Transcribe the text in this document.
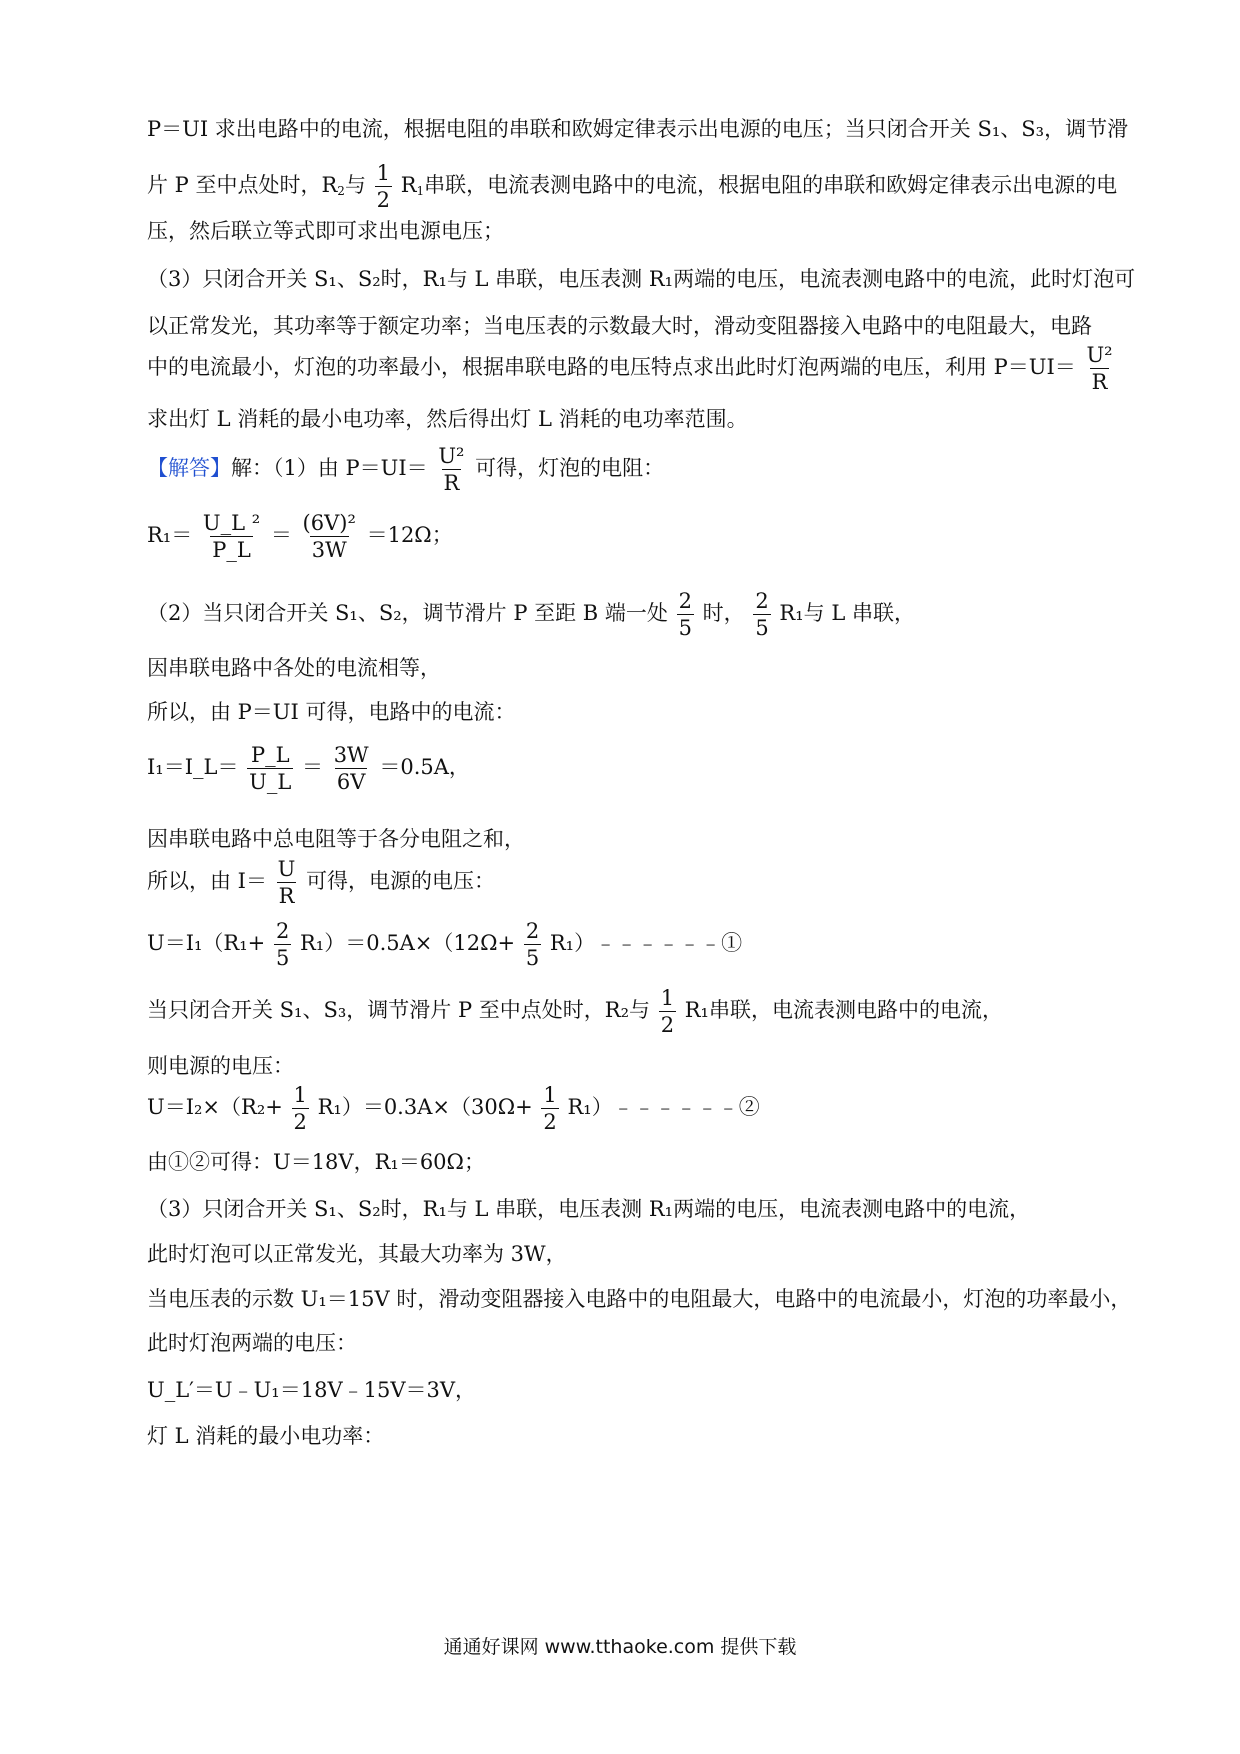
P＝UI 求出电路中的电流，根据电阻的串联和欧姆定律表示出电源的电压；当只闭合开关 S₁、S₃，调节滑
片 P 至中点处时，$R_2$与 $\frac{1}{2} R_1$串联，电流表测电路中的电流，根据电阻的串联和欧姆定律表示出电源的电
压，然后联立等式即可求出电源电压；
（3）只闭合开关 S₁、S₂时，R₁与 L 串联，电压表测 R₁两端的电压，电流表测电路中的电流，此时灯泡可
以正常发光，其功率等于额定功率；当电压表的示数最大时，滑动变阻器接入电路中的电阻最大，电路
中的电流最小，灯泡的功率最小，根据串联电路的电压特点求出此时灯泡两端的电压，利用 $P=UI= \frac{\text{U²}}{R}$
求出灯 L 消耗的最小电功率，然后得出灯 L 消耗的电功率范围。
【解答】解：（1）由 $P=UI= \frac{\text{U²}}{R}$ 可得，灯泡的电阻：
$R_1= \frac{\text{U\_L ²}}{P\_L} = \frac{\text{(6V)²}}{3W} =12\Omega$；
（2）当只闭合开关 S₁、S₂，调节滑片 P 至距 B 端一处 $\frac{2}{5}$ 时， $\frac{2}{5} R_1$与 L 串联，
因串联电路中各处的电流相等，
所以，由 P＝UI 可得，电路中的电流：
I₁＝I_L＝ $\frac{P\_L}{U\_L} = \frac{3W}{6V} =0.5A$，
因串联电路中总电阻等于各分电阻之和，
所以，由 $I= \frac{U}{R}$ 可得，电源的电压：
$U=I_1(R_1+ \frac{2}{5} R_1)=0.5A\times(12\Omega+ \frac{2}{5}$ R₁）﹣﹣﹣﹣﹣﹣①
当只闭合开关 S₁、S₃，调节滑片 P 至中点处时，R₂与 $\frac{1}{2} R_1$串联，电流表测电路中的电流，
则电源的电压：
$U=I_2\times(R_2+ \frac{1}{2} R_1)=0.3A\times(30\Omega+ \frac{1}{2}$ R₁）﹣﹣﹣﹣﹣﹣②
由①②可得：U＝18V，R₁＝60Ω；
（3）只闭合开关 S₁、S₂时，R₁与 L 串联，电压表测 R₁两端的电压，电流表测电路中的电流，
此时灯泡可以正常发光，其最大功率为 3W，
当电压表的示数 U₁＝15V 时，滑动变阻器接入电路中的电阻最大，电路中的电流最小，灯泡的功率最小，
此时灯泡两端的电压：
U_L′＝U﹣U₁＝18V﹣15V＝3V，
灯 L 消耗的最小电功率：
通通好课网 www.tthaoke.com 提供下载
